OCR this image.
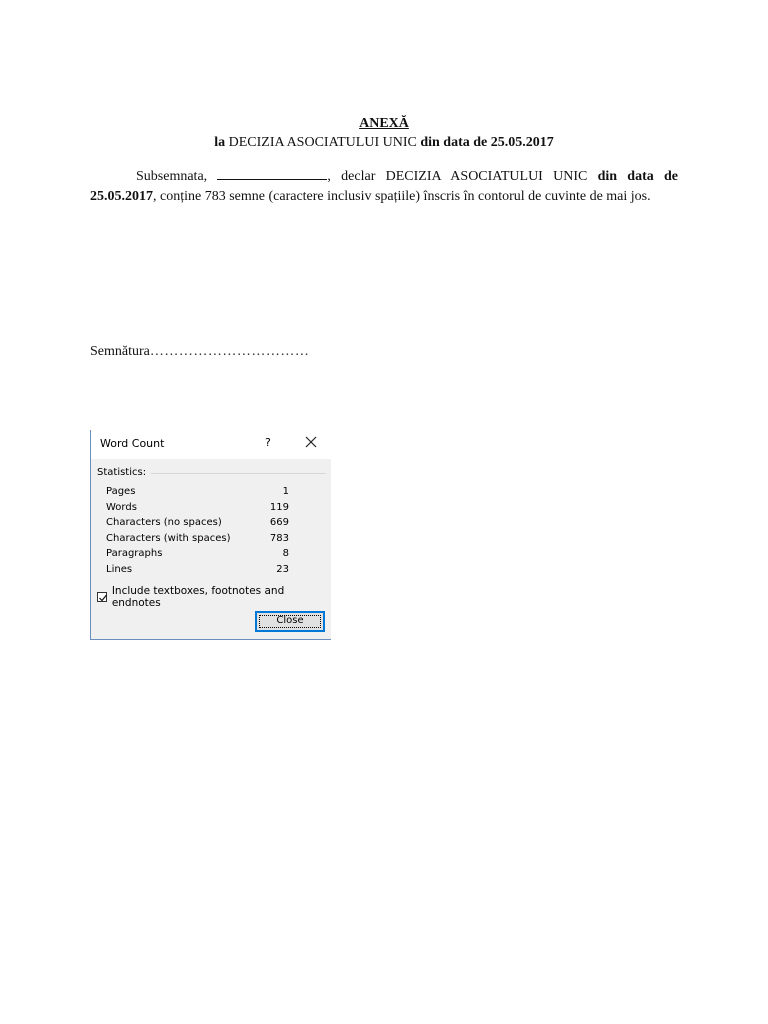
ANEXĂ
la DECIZIA ASOCIATULUI UNIC din data de 25.05.2017
Subsemnata,	, declar DECIZIA ASOCIATULUI UNIC din data de 25.05.2017, conține 783 semne (caractere inclusiv spațiile) înscris în contorul de cuvinte de mai jos.
Semnătura……………………………
Word Count	?
Statistics:
Pages	1
Words	119
Characters (no spaces)	669
Characters (with spaces)	783
Paragraphs	8
Lines	23
Include textboxes, footnotes and endnotes
Close
